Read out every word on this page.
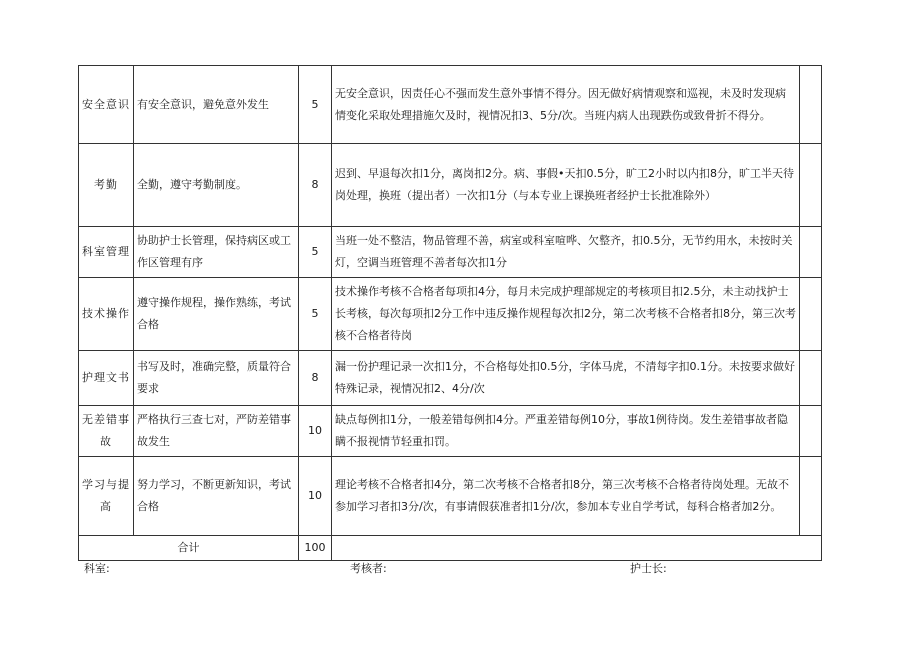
安全意识	有安全意识，避免意外发生	5	无安全意识，因责任心不强而发生意外事情不得分。因无做好病情观察和巡视，未及时发现病情变化采取处理措施欠及时，视情况扣3、5分/次。当班内病人出现跌伤或致骨折不得分。	
考勤	全勤，遵守考勤制度。	8	迟到、早退每次扣1分，离岗扣2分。病、事假•天扣0.5分，旷工2小时以内扣8分，旷工半天待岗处理，换班（提出者）一次扣1分（与本专业上课换班者经护士长批准除外）	
科室管理	协助护士长管理，保持病区或工作区管理有序	5	当班一处不整洁，物品管理不善，病室或科室喧哗、欠整齐，扣0.5分，无节约用水，未按时关灯，空调当班管理不善者每次扣1分	
技术操作	遵守操作规程，操作熟练，考试合格	5	技术操作考核不合格者每项扣4分，每月未完成护理部规定的考核项目扣2.5分，未主动找护士长考核，每次每项扣2分工作中违反操作规程每次扣2分，第二次考核不合格者扣8分，第三次考核不合格者待岗	
护理文书	书写及时，准确完整，质量符合要求	8	漏一份护理记录一次扣1分，不合格每处扣0.5分，字体马虎，不清每字扣0.1分。未按要求做好特殊记录，视情况扣2、4分/次	
无差错事故	严格执行三查七对，严防差错事故发生	10	缺点每例扣1分，一般差错每例扣4分。严重差错每例10分，事故1例待岗。发生差错事故者隐瞒不报视情节轻重扣罚。	
学习与提高	努力学习，不断更新知识，考试合格	10	理论考核不合格者扣4分，第二次考核不合格者扣8分，第三次考核不合格者待岗处理。无故不参加学习者扣3分/次，有事请假获准者扣1分/次，参加本专业自学考试，每科合格者加2分。	
合计		100		
科室:	考核者:	护士长:
